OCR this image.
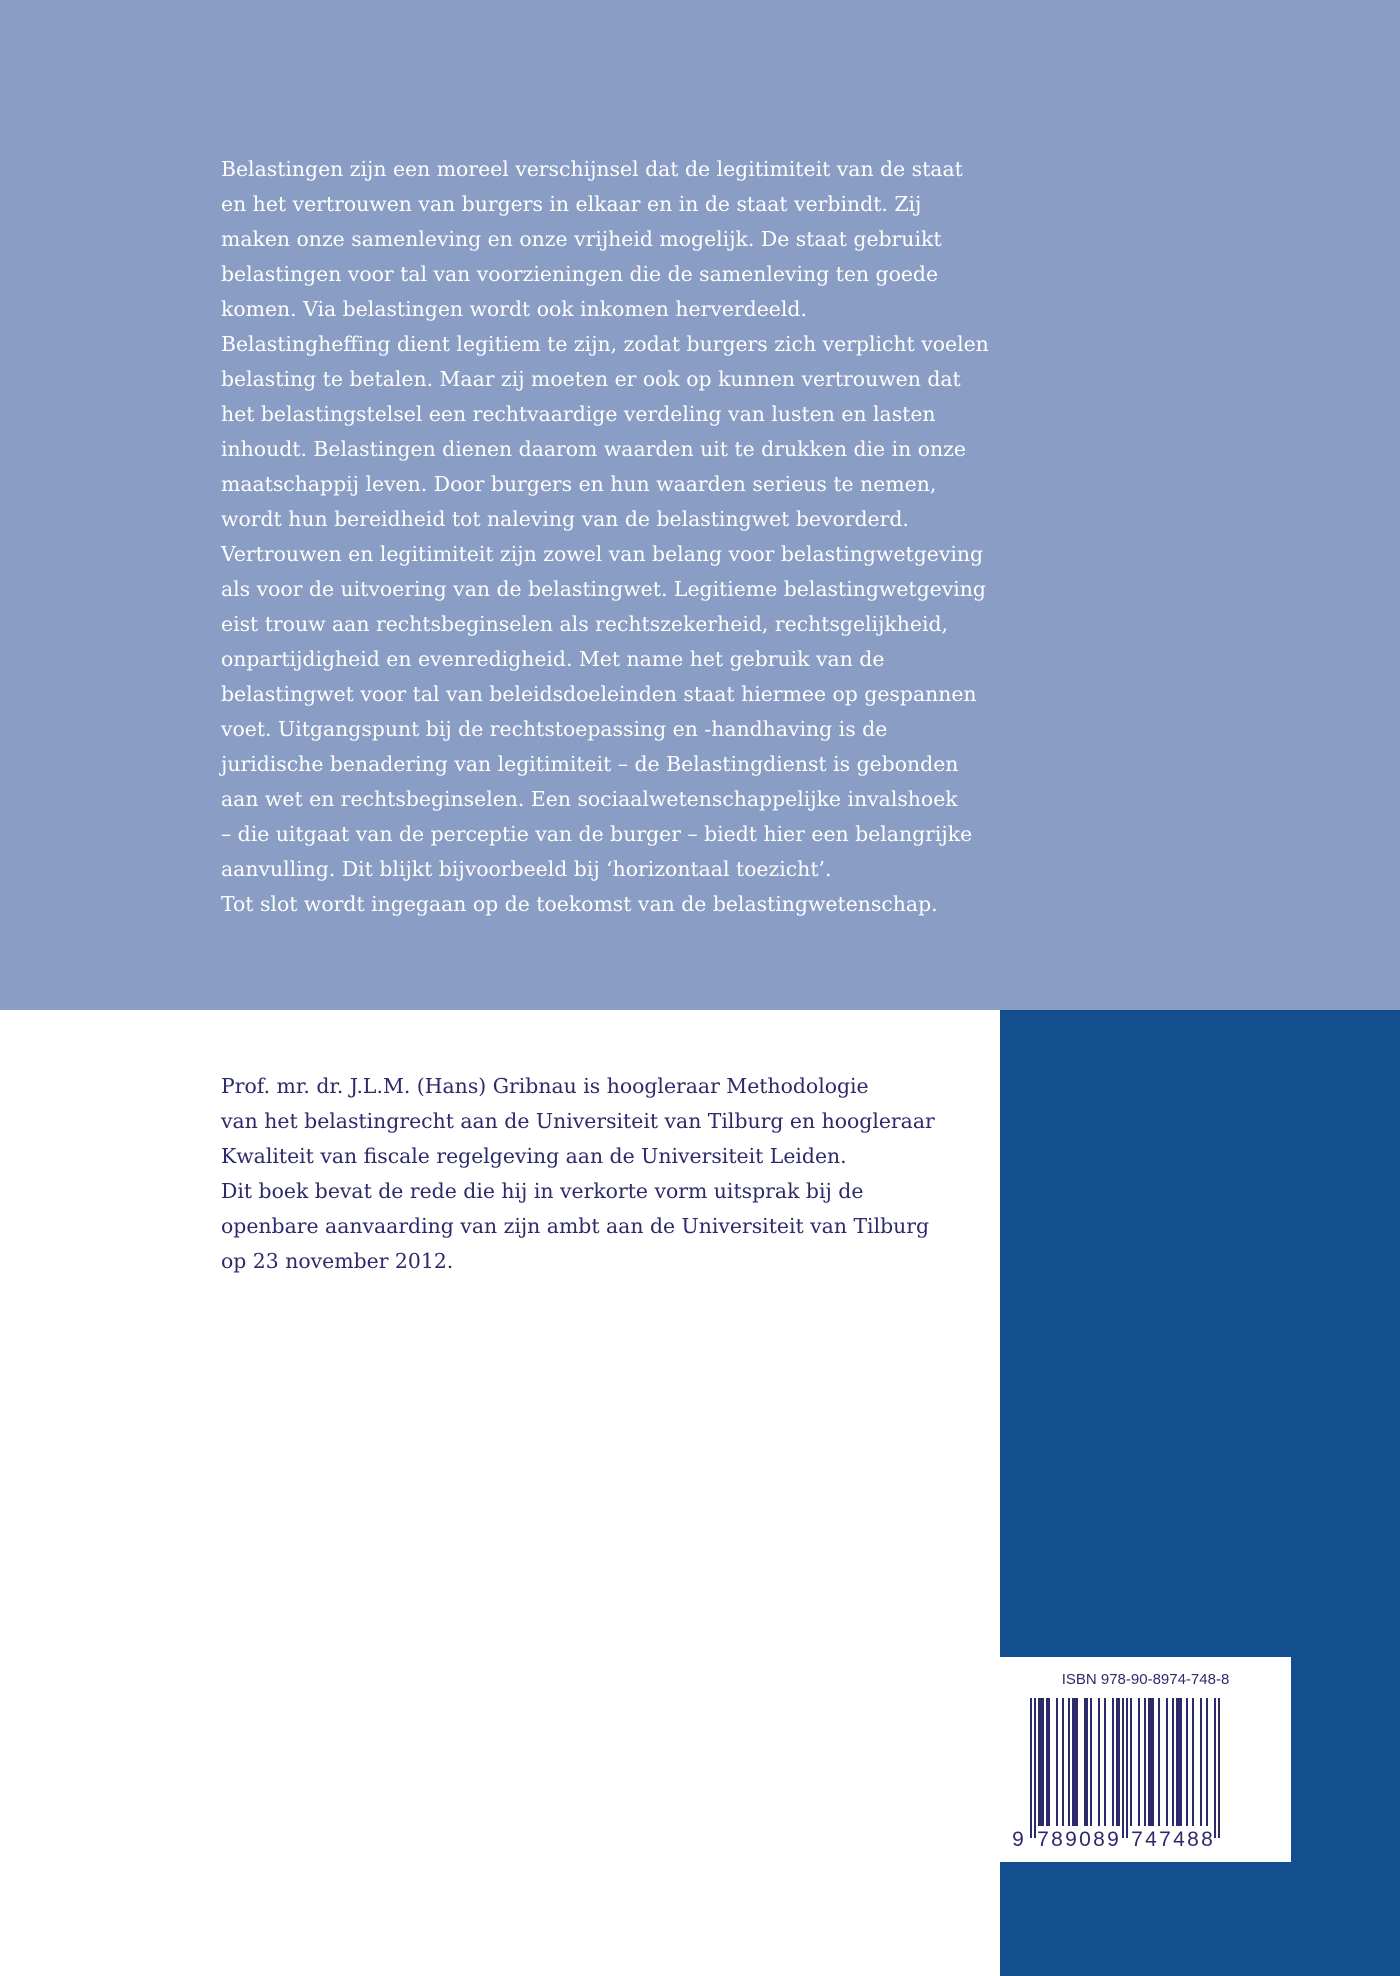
Belastingen zijn een moreel verschijnsel dat de legitimiteit van de staat
en het vertrouwen van burgers in elkaar en in de staat verbindt. Zij
maken onze samenleving en onze vrijheid mogelijk. De staat gebruikt
belastingen voor tal van voorzieningen die de samenleving ten goede
komen. Via belastingen wordt ook inkomen herverdeeld.
Belastingheffing dient legitiem te zijn, zodat burgers zich verplicht voelen
belasting te betalen. Maar zij moeten er ook op kunnen vertrouwen dat
het belastingstelsel een rechtvaardige verdeling van lusten en lasten
inhoudt. Belastingen dienen daarom waarden uit te drukken die in onze
maatschappij leven. Door burgers en hun waarden serieus te nemen,
wordt hun bereidheid tot naleving van de belastingwet bevorderd.
Vertrouwen en legitimiteit zijn zowel van belang voor belastingwetgeving
als voor de uitvoering van de belastingwet. Legitieme belastingwetgeving
eist trouw aan rechtsbeginselen als rechtszekerheid, rechtsgelijkheid,
onpartijdigheid en evenredigheid. Met name het gebruik van de
belastingwet voor tal van beleidsdoeleinden staat hiermee op gespannen
voet. Uitgangspunt bij de rechtstoepassing en -handhaving is de
juridische benadering van legitimiteit – de Belastingdienst is gebonden
aan wet en rechtsbeginselen. Een sociaalwetenschappelijke invalshoek
– die uitgaat van de perceptie van de burger – biedt hier een belangrijke
aanvulling. Dit blijkt bijvoorbeeld bij ‘horizontaal toezicht’.
Tot slot wordt ingegaan op de toekomst van de belastingwetenschap.
Prof. mr. dr. J.L.M. (Hans) Gribnau is hoogleraar Methodologie
van het belastingrecht aan de Universiteit van Tilburg en hoogleraar
Kwaliteit van fiscale regelgeving aan de Universiteit Leiden.
Dit boek bevat de rede die hij in verkorte vorm uitsprak bij de
openbare aanvaarding van zijn ambt aan de Universiteit van Tilburg
op 23 november 2012.
ISBN 978-90-8974-748-8
9 7 8 9 0 8 9 7 4 7 4 8 8
